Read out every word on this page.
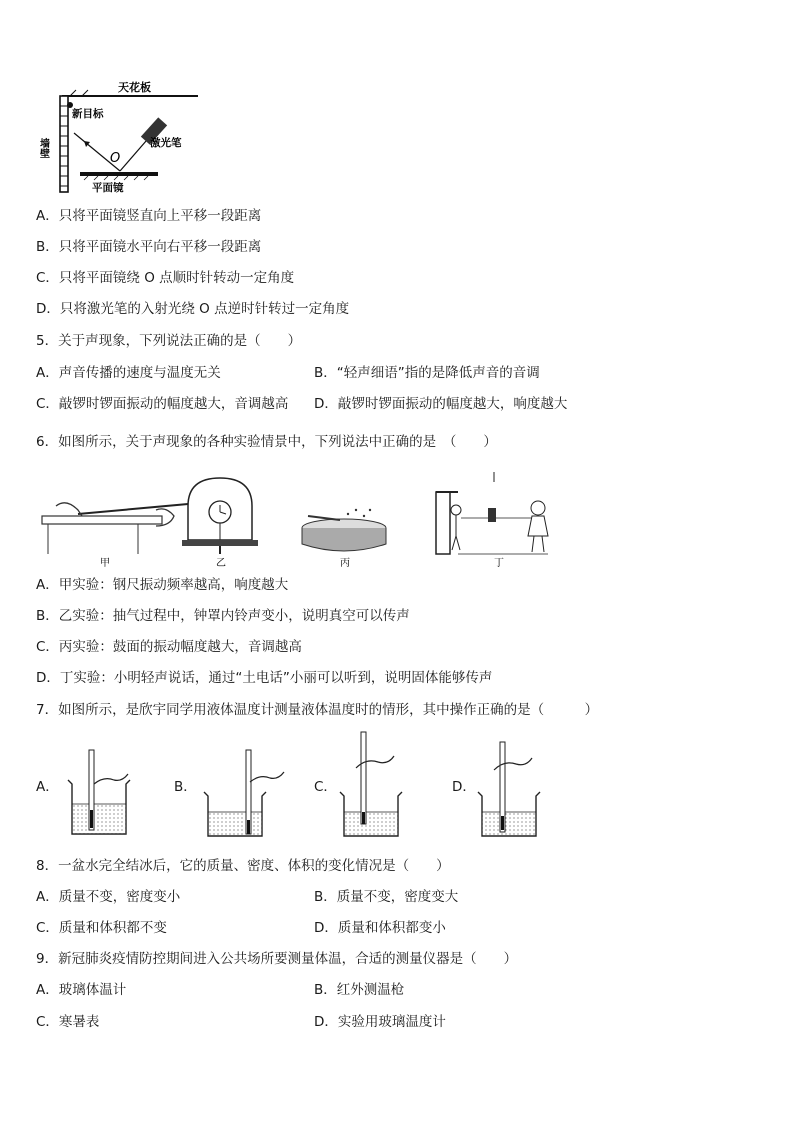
天花板
墙壁
新目标
平面镜
O
激光笔
A．只将平面镜竖直向上平移一段距离
B．只将平面镜水平向右平移一段距离
C．只将平面镜绕 O 点顺时针转动一定角度
D．只将激光笔的入射光绕 O 点逆时针转过一定角度
5．关于声现象，下列说法正确的是（　　）
A．声音传播的速度与温度无关	B．“轻声细语”指的是降低声音的音调
C．敲锣时锣面振动的幅度越大，音调越高 D．敲锣时锣面振动的幅度越大，响度越大
6．如图所示，关于声现象的各种实验情景中，下列说法中正确的是　（　　）
甲	乙	丙	丁
A．甲实验：钢尺振动频率越高，响度越大
B．乙实验：抽气过程中，钟罩内铃声变小，说明真空可以传声
C．丙实验：鼓面的振动幅度越大，音调越高
D．丁实验：小明轻声说话，通过“土电话”小丽可以听到，说明固体能够传声
7．如图所示，是欣宇同学用液体温度计测量液体温度时的情形，其中操作正确的是（　　　）
A．	B．	C．	D．
8．一盆水完全结冰后，它的质量、密度、体积的变化情况是（　　）
A．质量不变，密度变小	B．质量不变，密度变大
C．质量和体积都不变	D．质量和体积都变小
9．新冠肺炎疫情防控期间进入公共场所要测量体温，合适的测量仪器是（　　）
A．玻璃体温计	B．红外测温枪
C．寒暑表	D．实验用玻璃温度计
